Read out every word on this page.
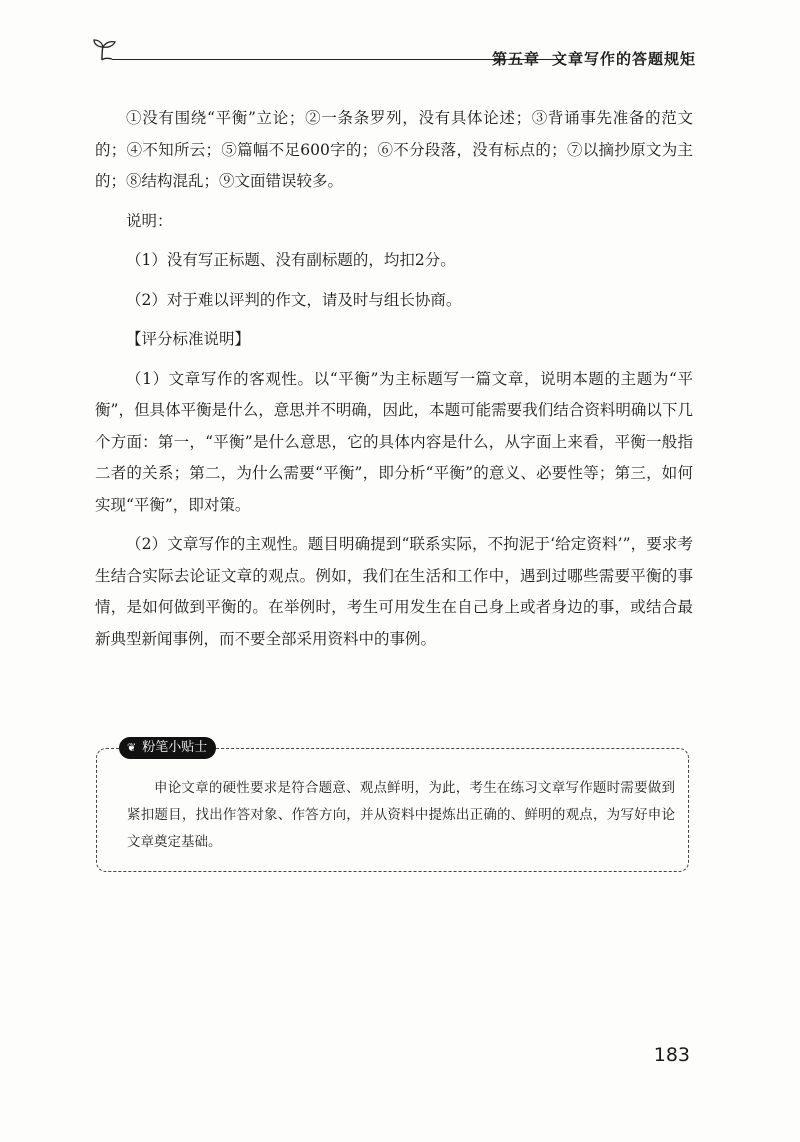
第五章 文章写作的答题规矩

①没有围绕“平衡”立论；②一条条罗列，没有具体论述；③背诵事先准备的范文的；④不知所云；⑤篇幅不足600字的；⑥不分段落，没有标点的；⑦以摘抄原文为主的；⑧结构混乱；⑨文面错误较多。

说明：

（1）没有写正标题、没有副标题的，均扣2分。

（2）对于难以评判的作文，请及时与组长协商。

【评分标准说明】

（1）文章写作的客观性。以“平衡”为主标题写一篇文章，说明本题的主题为“平衡”，但具体平衡是什么，意思并不明确，因此，本题可能需要我们结合资料明确以下几个方面：第一，“平衡”是什么意思，它的具体内容是什么，从字面上来看，平衡一般指二者的关系；第二，为什么需要“平衡”，即分析“平衡”的意义、必要性等；第三，如何实现“平衡”，即对策。

（2）文章写作的主观性。题目明确提到“联系实际，不拘泥于‘给定资料’”，要求考生结合实际去论证文章的观点。例如，我们在生活和工作中，遇到过哪些需要平衡的事情，是如何做到平衡的。在举例时，考生可用发生在自己身上或者身边的事，或结合最新典型新闻事例，而不要全部采用资料中的事例。

❦ 粉笔小贴士

申论文章的硬性要求是符合题意、观点鲜明，为此，考生在练习文章写作题时需要做到紧扣题目，找出作答对象、作答方向，并从资料中提炼出正确的、鲜明的观点，为写好申论文章奠定基础。

183
